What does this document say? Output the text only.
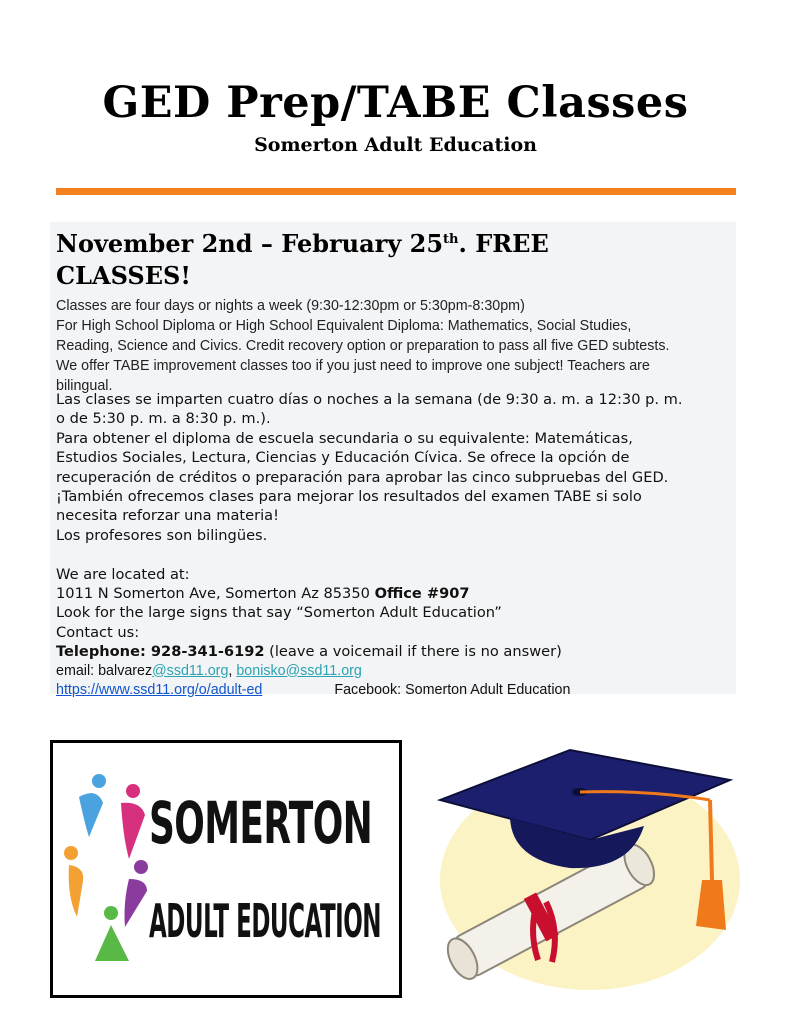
GED Prep/TABE Classes
Somerton Adult Education
November 2nd – February 25th. FREE
CLASSES!
Classes are four days or nights a week (9:30-12:30pm or 5:30pm-8:30pm)
For High School Diploma or High School Equivalent Diploma: Mathematics, Social Studies,
Reading, Science and Civics. Credit recovery option or preparation to pass all five GED subtests.
We offer TABE improvement classes too if you just need to improve one subject! Teachers are
bilingual.
Las clases se imparten cuatro días o noches a la semana (de 9:30 a. m. a 12:30 p. m.
o de 5:30 p. m. a 8:30 p. m.).
Para obtener el diploma de escuela secundaria o su equivalente: Matemáticas,
Estudios Sociales, Lectura, Ciencias y Educación Cívica. Se ofrece la opción de
recuperación de créditos o preparación para aprobar las cinco subpruebas del GED.
¡También ofrecemos clases para mejorar los resultados del examen TABE si solo
necesita reforzar una materia!
Los profesores son bilingües.
We are located at:
1011 N Somerton Ave, Somerton Az 85350 Office #907
Look for the large signs that say “Somerton Adult Education”
Contact us:
Telephone: 928-341-6192 (leave a voicemail if there is no answer)
email: balvarez@ssd11.org, bonisko@ssd11.org
https://www.ssd11.org/o/adult-ed	Facebook: Somerton Adult Education
SOMERTON
ADULT EDUCATION
